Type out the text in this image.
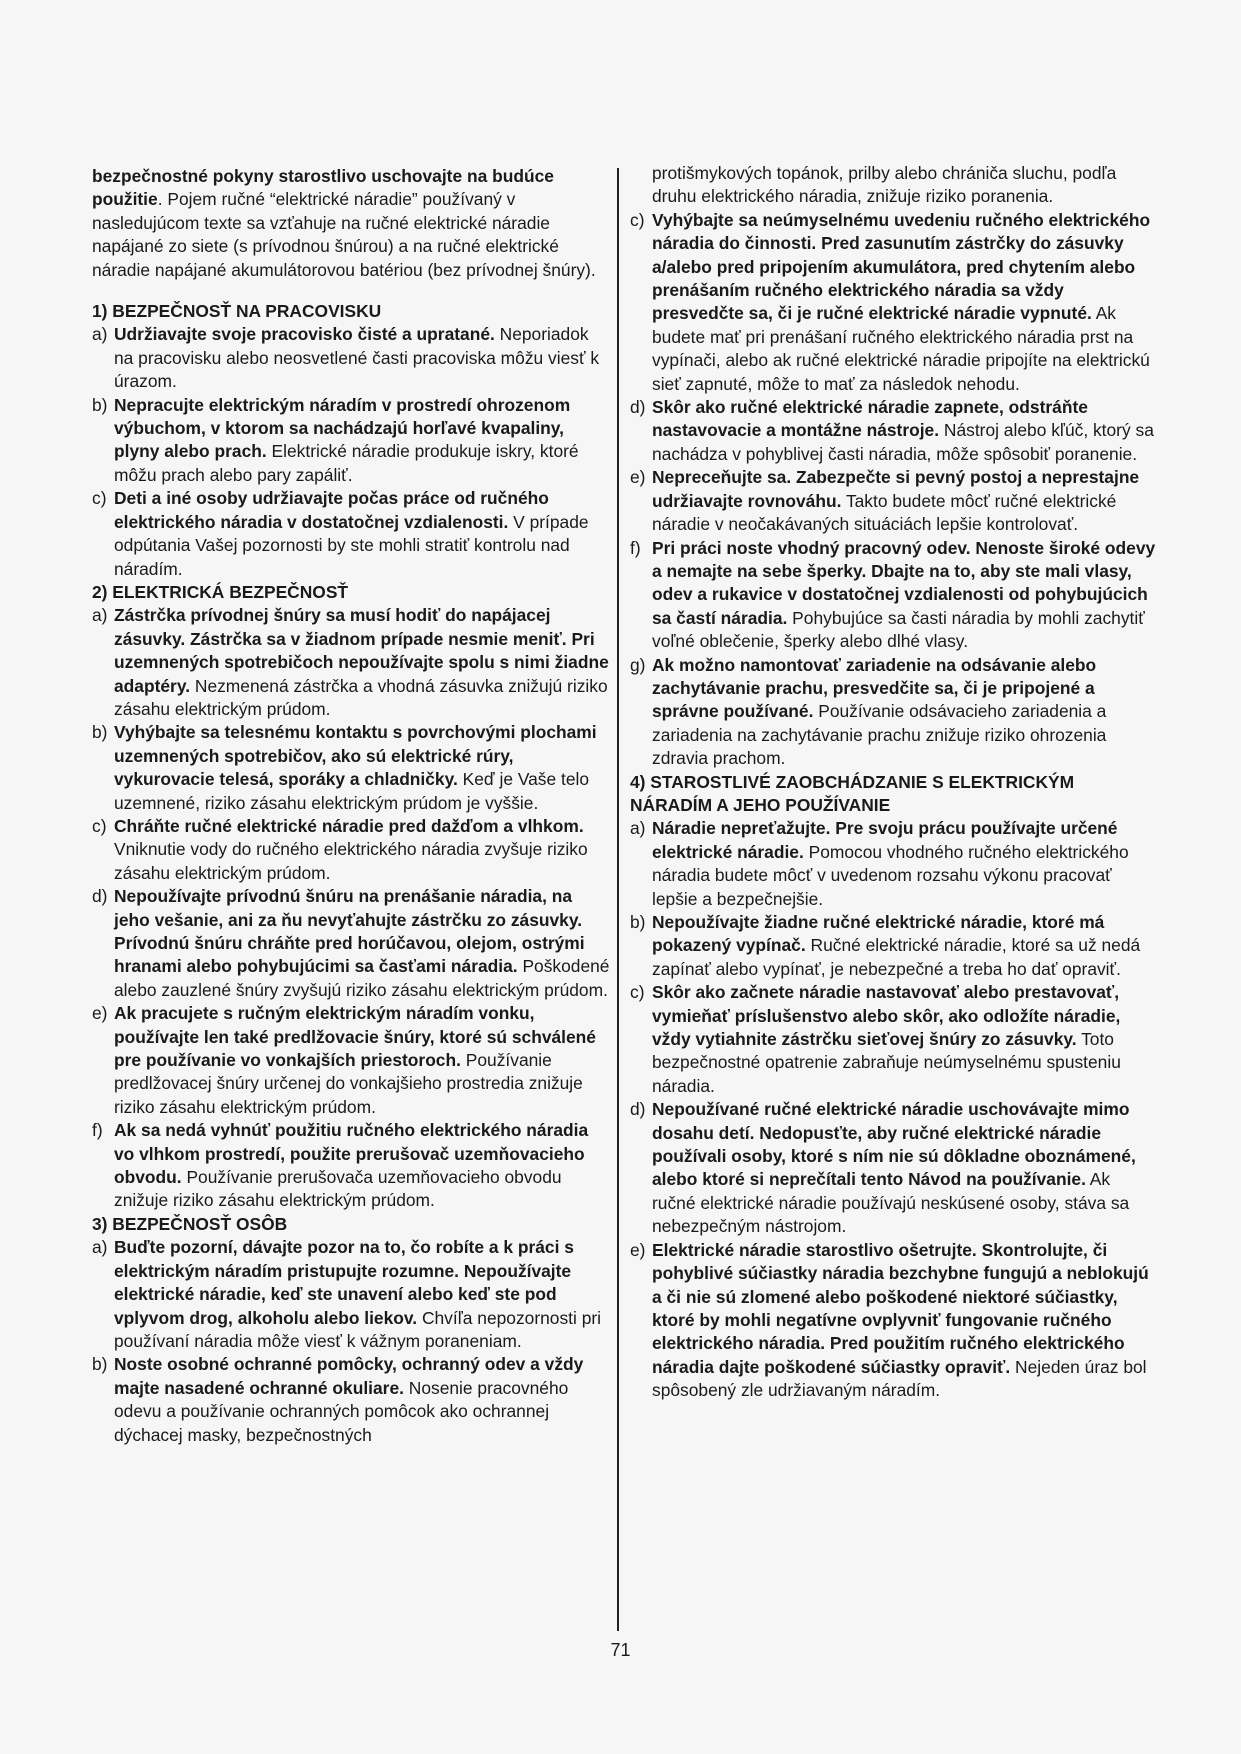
bezpečnostné pokyny starostlivo uschovajte na budúce použitie. Pojem ručné “elektrické náradie” používaný v nasledujúcom texte sa vzťahuje na ručné elektrické náradie napájané zo siete (s prívodnou šnúrou) a na ručné elektrické náradie napájané akumulátorovou batériou (bez prívodnej šnúry).

1) BEZPEČNOSŤ NA PRACOVISKU

a) Udržiavajte svoje pracovisko čisté a upratané. Neporiadok na pracovisku alebo neosvetlené časti pracoviska môžu viesť k úrazom.
b) Nepracujte elektrickým náradím v prostredí ohrozenom výbuchom, v ktorom sa nachádzajú horľavé kvapaliny, plyny alebo prach. Elektrické náradie produkuje iskry, ktoré môžu prach alebo pary zapáliť.
c) Deti a iné osoby udržiavajte počas práce od ručného elektrického náradia v dostatočnej vzdialenosti. V prípade odpútania Vašej pozornosti by ste mohli stratiť kontrolu nad náradím.

2) ELEKTRICKÁ BEZPEČNOSŤ

a) Zástrčka prívodnej šnúry sa musí hodiť do napájacej zásuvky. Zástrčka sa v žiadnom prípade nesmie meniť. Pri uzemnených spotrebičoch nepoužívajte spolu s nimi žiadne adaptéry. Nezmenená zástrčka a vhodná zásuvka znižujú riziko zásahu elektrickým prúdom.
b) Vyhýbajte sa telesnému kontaktu s povrchovými plochami uzemnených spotrebičov, ako sú elektrické rúry, vykurovacie telesá, sporáky a chladničky. Keď je Vaše telo uzemnené, riziko zásahu elektrickým prúdom je vyššie.
c) Chráňte ručné elektrické náradie pred dažďom a vlhkom. Vniknutie vody do ručného elektrického náradia zvyšuje riziko zásahu elektrickým prúdom.
d) Nepoužívajte prívodnú šnúru na prenášanie náradia, na jeho vešanie, ani za ňu nevyťahujte zástrčku zo zásuvky. Prívodnú šnúru chráňte pred horúčavou, olejom, ostrými hranami alebo pohybujúcimi sa časťami náradia. Poškodené alebo zauzlené šnúry zvyšujú riziko zásahu elektrickým prúdom.
e) Ak pracujete s ručným elektrickým náradím vonku, používajte len také predlžovacie šnúry, ktoré sú schválené pre používanie vo vonkajších priestoroch. Používanie predlžovacej šnúry určenej do vonkajšieho prostredia znižuje riziko zásahu elektrickým prúdom.
f) Ak sa nedá vyhnúť použitiu ručného elektrického náradia vo vlhkom prostredí, použite prerušovač uzemňovacieho obvodu. Používanie prerušovača uzemňovacieho obvodu znižuje riziko zásahu elektrickým prúdom.

3) BEZPEČNOSŤ OSÔB

a) Buďte pozorní, dávajte pozor na to, čo robíte a k práci s elektrickým náradím pristupujte rozumne. Nepoužívajte elektrické náradie, keď ste unavení alebo keď ste pod vplyvom drog, alkoholu alebo liekov. Chvíľa nepozornosti pri používaní náradia môže viesť k vážnym poraneniam.
b) Noste osobné ochranné pomôcky, ochranný odev a vždy majte nasadené ochranné okuliare. Nosenie pracovného odevu a používanie ochranných pomôcok ako ochrannej dýchacej masky, bezpečnostných

protišmykových topánok, prilby alebo chrániča sluchu, podľa druhu elektrického náradia, znižuje riziko poranenia.

c) Vyhýbajte sa neúmyselnému uvedeniu ručného elektrického náradia do činnosti. Pred zasunutím zástrčky do zásuvky a/alebo pred pripojením akumulátora, pred chytením alebo prenášaním ručného elektrického náradia sa vždy presvedčte sa, či je ručné elektrické náradie vypnuté. Ak budete mať pri prenášaní ručného elektrického náradia prst na vypínači, alebo ak ručné elektrické náradie pripojíte na elektrickú sieť zapnuté, môže to mať za následok nehodu.
d) Skôr ako ručné elektrické náradie zapnete, odstráňte nastavovacie a montážne nástroje. Nástroj alebo kľúč, ktorý sa nachádza v pohyblivej časti náradia, môže spôsobiť poranenie.
e) Nepreceňujte sa. Zabezpečte si pevný postoj a neprestajne udržiavajte rovnováhu. Takto budete môcť ručné elektrické náradie v neočakávaných situáciách lepšie kontrolovať.
f) Pri práci noste vhodný pracovný odev. Nenoste široké odevy a nemajte na sebe šperky. Dbajte na to, aby ste mali vlasy, odev a rukavice v dostatočnej vzdialenosti od pohybujúcich sa častí náradia. Pohybujúce sa časti náradia by mohli zachytiť voľné oblečenie, šperky alebo dlhé vlasy.
g) Ak možno namontovať zariadenie na odsávanie alebo zachytávanie prachu, presvedčite sa, či je pripojené a správne používané. Používanie odsávacieho zariadenia a zariadenia na zachytávanie prachu znižuje riziko ohrozenia zdravia prachom.

4) STAROSTLIVÉ ZAOBCHÁDZANIE S ELEKTRICKÝM NÁRADÍM A JEHO POUŽÍVANIE

a) Náradie nepreťažujte. Pre svoju prácu používajte určené elektrické náradie. Pomocou vhodného ručného elektrického náradia budete môcť v uvedenom rozsahu výkonu pracovať lepšie a bezpečnejšie.
b) Nepoužívajte žiadne ručné elektrické náradie, ktoré má pokazený vypínač. Ručné elektrické náradie, ktoré sa už nedá zapínať alebo vypínať, je nebezpečné a treba ho dať opraviť.
c) Skôr ako začnete náradie nastavovať alebo prestavovať, vymieňať príslušenstvo alebo skôr, ako odložíte náradie, vždy vytiahnite zástrčku sieťovej šnúry zo zásuvky. Toto bezpečnostné opatrenie zabraňuje neúmyselnému spusteniu náradia.
d) Nepoužívané ručné elektrické náradie uschovávajte mimo dosahu detí. Nedopusťte, aby ručné elektrické náradie používali osoby, ktoré s ním nie sú dôkladne oboznámené, alebo ktoré si neprečítali tento Návod na používanie. Ak ručné elektrické náradie používajú neskúsené osoby, stáva sa nebezpečným nástrojom.
e) Elektrické náradie starostlivo ošetrujte. Skontrolujte, či pohyblivé súčiastky náradia bezchybne fungujú a neblokujú a či nie sú zlomené alebo poškodené niektoré súčiastky, ktoré by mohli negatívne ovplyvniť fungovanie ručného elektrického náradia. Pred použitím ručného elektrického náradia dajte poškodené súčiastky opraviť. Nejeden úraz bol spôsobený zle udržiavaným náradím.
71
